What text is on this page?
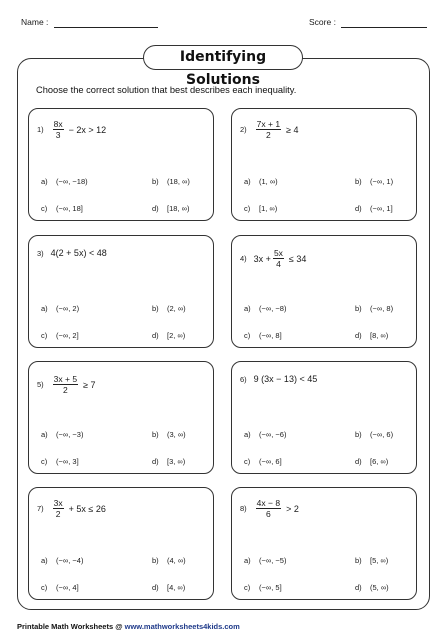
Name :	Score :
Identifying Solutions
Choose the correct solution that best describes each inequality.
$1) \frac{8x}{3} - 2x > 12$
a) (−∞, −18)	b) (18, ∞)
c) (−∞, 18]	d) [18, ∞)
$2) \frac{7x + 1}{2} \ge 4$
a) (1, ∞)	b) (−∞, 1)
c) [1, ∞)	d) (−∞, 1]
3) 4(2 + 5x) < 48
a) (−∞, 2)	b) (2, ∞)
c) (−∞, 2]	d) [2, ∞)
4) $3x + \frac{5x}{4} \le 34$
a) (−∞, −8)	b) (−∞, 8)
c) (−∞, 8]	d) [8, ∞)
$5) \frac{3x + 5}{2} \ge 7$
a) (−∞, −3)	b) (3, ∞)
c) (−∞, 3]	d) [3, ∞)
6) 9 (3x − 13) < 45
a) (−∞, −6)	b) (−∞, 6)
c) (−∞, 6]	d) [6, ∞)
$7) \frac{3x}{2} + 5x \le 26$
a) (−∞, −4)	b) (4, ∞)
c) (−∞, 4]	d) [4, ∞)
$8) \frac{4x - 8}{6} > 2$
a) (−∞, −5)	b) [5, ∞)
c) (−∞, 5]	d) (5, ∞)
Printable Math Worksheets @ www.mathworksheets4kids.com
